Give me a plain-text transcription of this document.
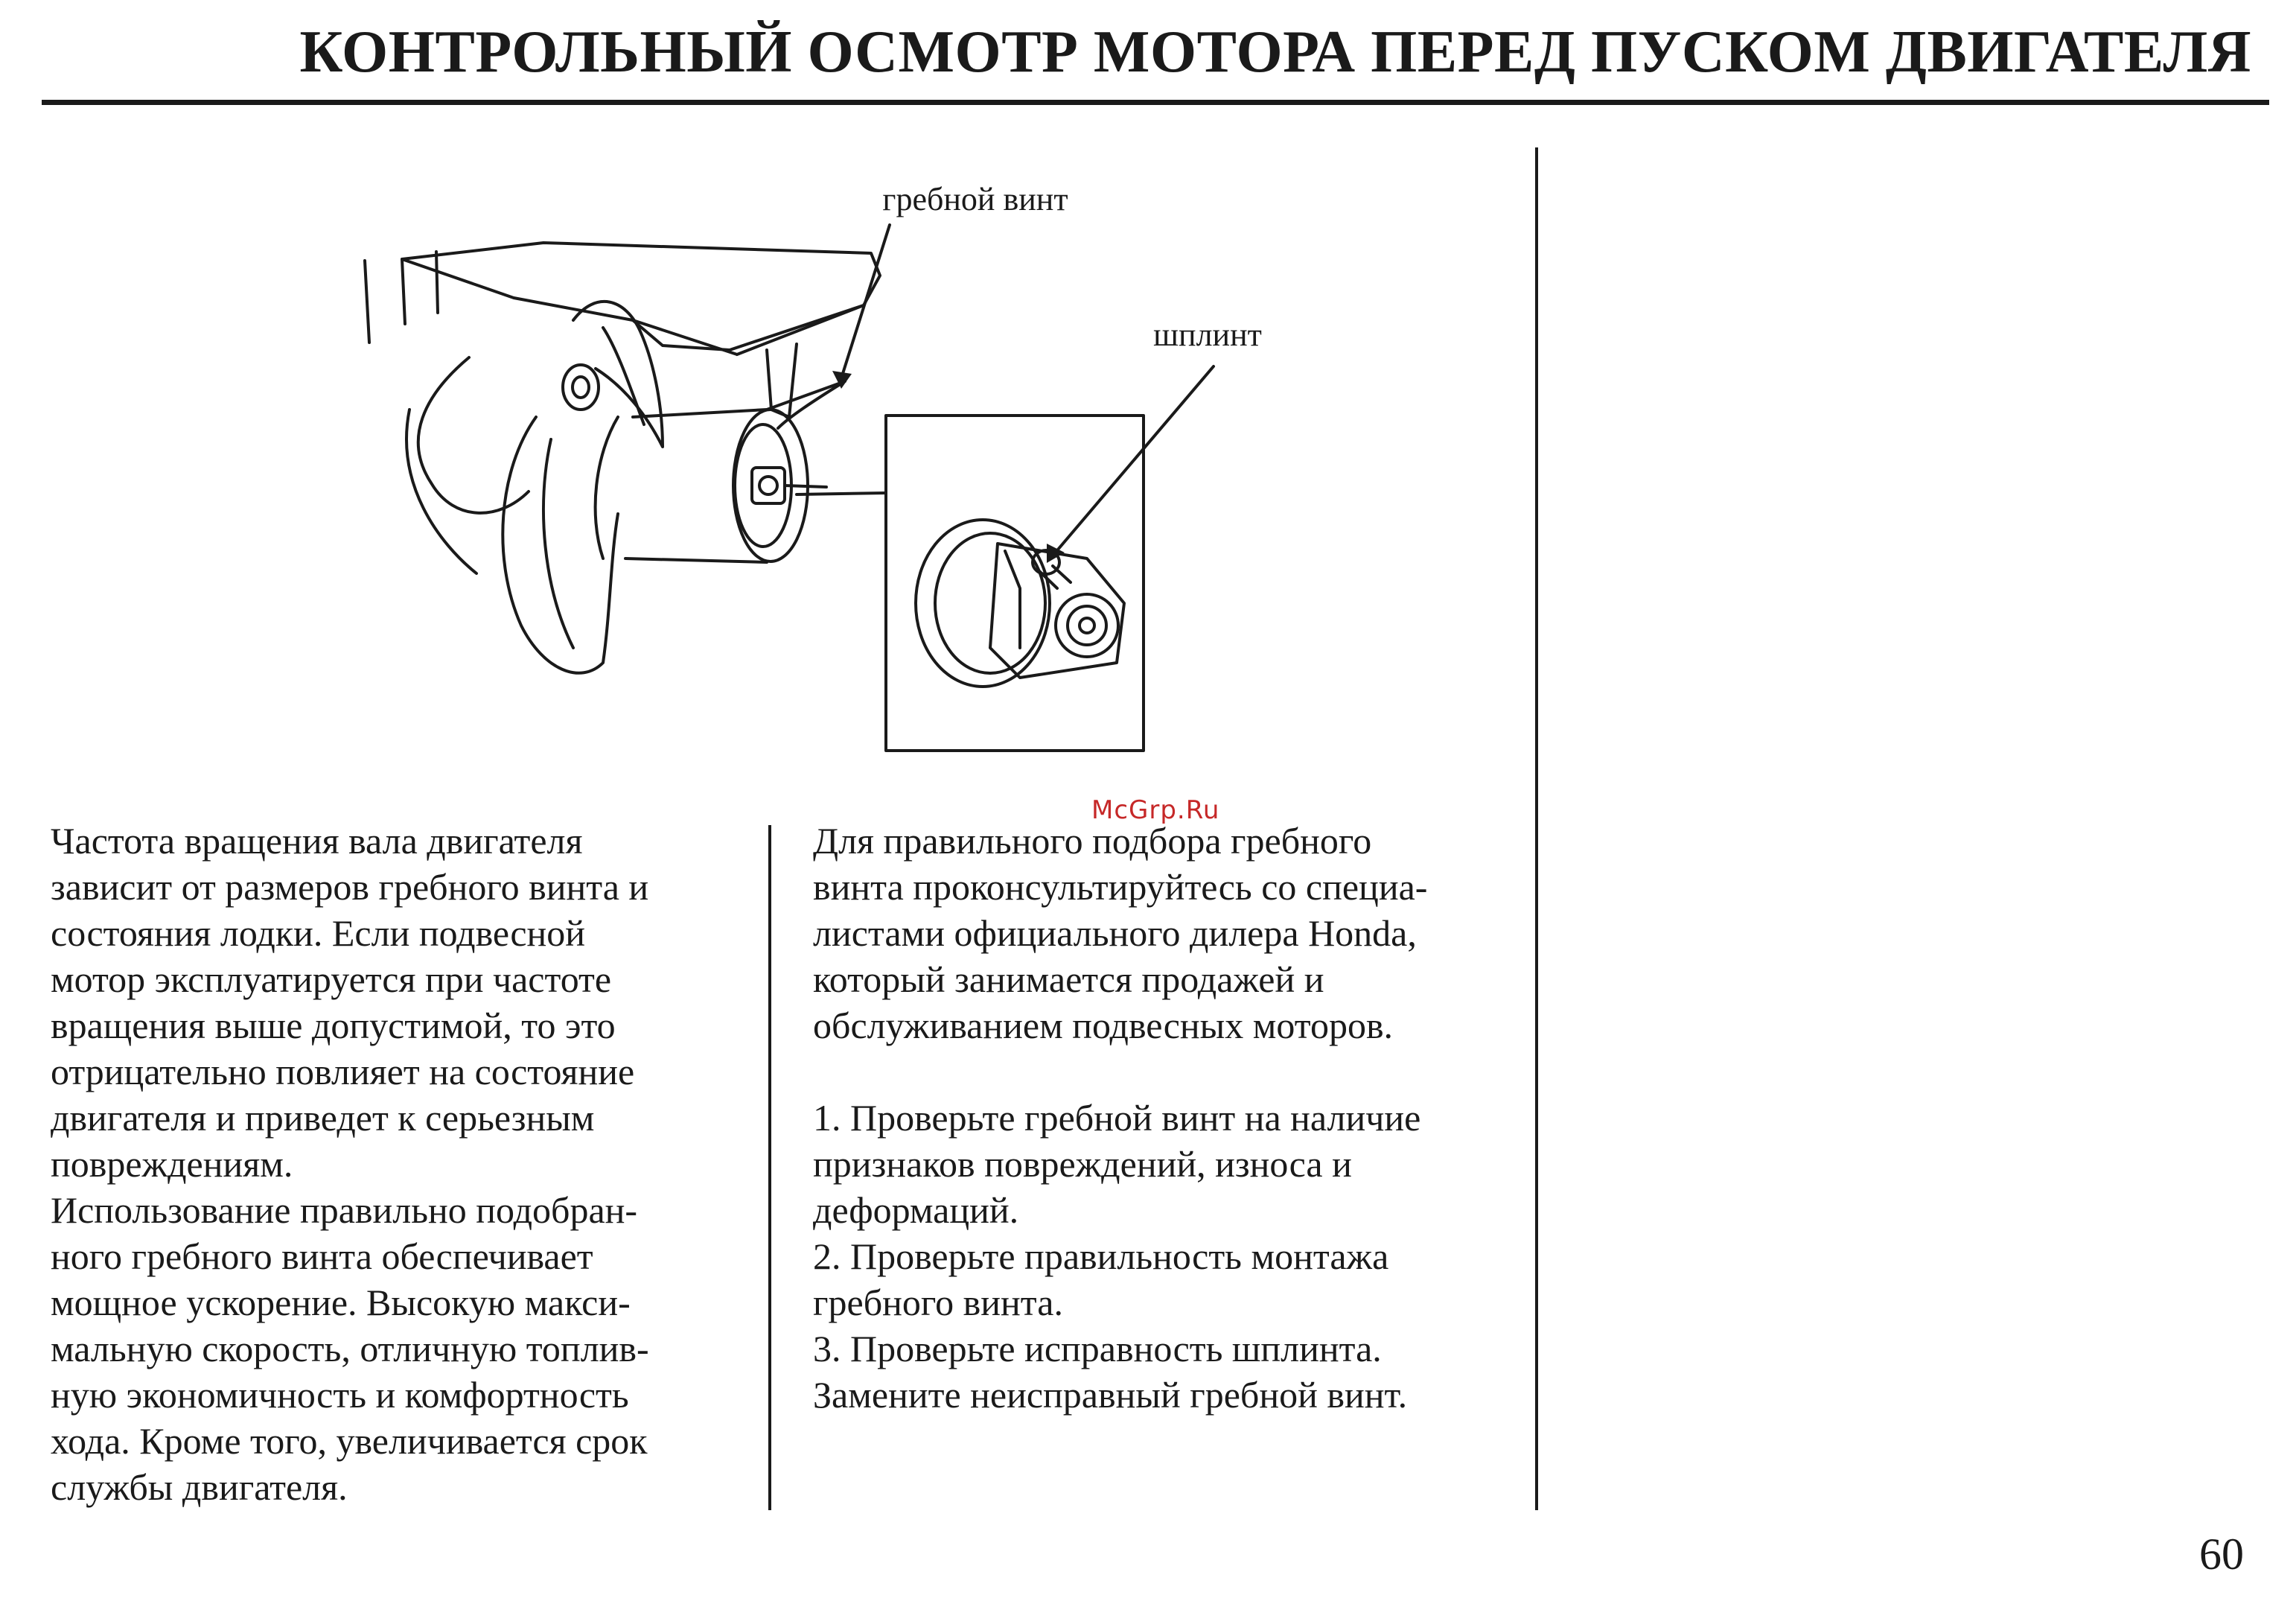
КОНТРОЛЬНЫЙ ОСМОТР МОТОРА ПЕРЕД ПУСКОМ ДВИГАТЕЛЯ
гребной винт
шплинт
McGrp.Ru

Частота вращения вала двигателя

зависит от размеров гребного винта и

состояния лодки. Если подвесной

мотор эксплуатируется при частоте

вращения выше допустимой, то это

отрицательно повлияет на состояние

двигателя и приведет к серьезным

повреждениям.

Использование правильно подобран-

ного гребного винта обеспечивает

мощное ускорение. Высокую макси-

мальную скорость, отличную топлив-

ную экономичность и комфортность

хода. Кроме того, увеличивается срок

службы двигателя.

Для правильного подбора гребного

винта проконсультируйтесь со специа-

листами официального дилера Honda,

который занимается продажей и

обслуживанием подвесных моторов.

1. Проверьте гребной винт на наличие

признаков повреждений, износа и

деформаций.

2. Проверьте правильность монтажа

гребного винта.

3. Проверьте исправность шплинта.

Замените неисправный гребной винт.

60
